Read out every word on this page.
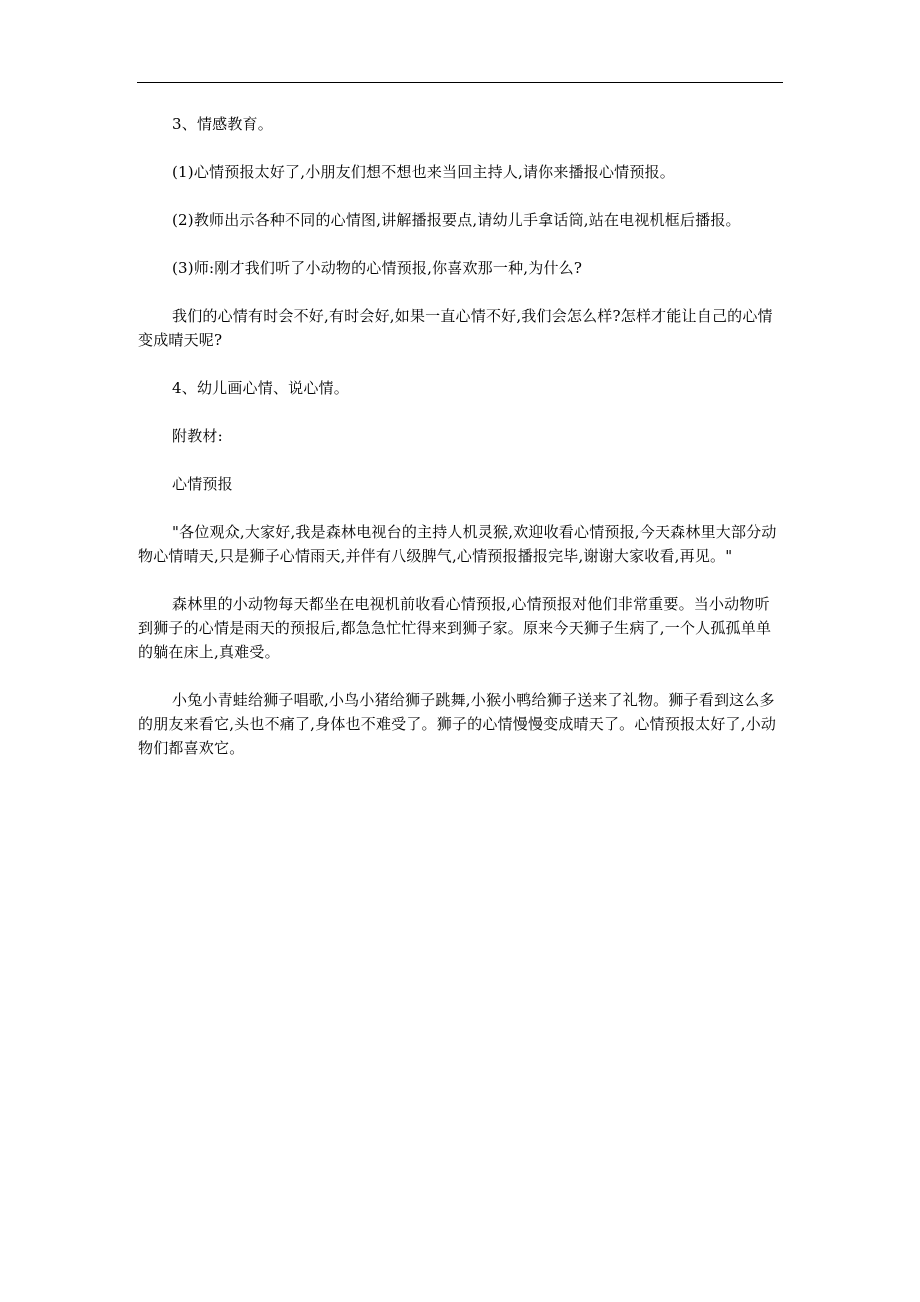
3、情感教育。

(1)心情预报太好了,小朋友们想不想也来当回主持人,请你来播报心情预报。

(2)教师出示各种不同的心情图,讲解播报要点,请幼儿手拿话筒,站在电视机框后播报。

(3)师:刚才我们听了小动物的心情预报,你喜欢那一种,为什么?

我们的心情有时会不好,有时会好,如果一直心情不好,我们会怎么样?怎样才能让自己的心情变成晴天呢?

4、幼儿画心情、说心情。

附教材:

心情预报

"各位观众,大家好,我是森林电视台的主持人机灵猴,欢迎收看心情预报,今天森林里大部分动物心情晴天,只是狮子心情雨天,并伴有八级脾气,心情预报播报完毕,谢谢大家收看,再见。"

森林里的小动物每天都坐在电视机前收看心情预报,心情预报对他们非常重要。当小动物听到狮子的心情是雨天的预报后,都急急忙忙得来到狮子家。原来今天狮子生病了,一个人孤孤单单的躺在床上,真难受。

小兔小青蛙给狮子唱歌,小鸟小猪给狮子跳舞,小猴小鸭给狮子送来了礼物。狮子看到这么多的朋友来看它,头也不痛了,身体也不难受了。狮子的心情慢慢变成晴天了。心情预报太好了,小动物们都喜欢它。
